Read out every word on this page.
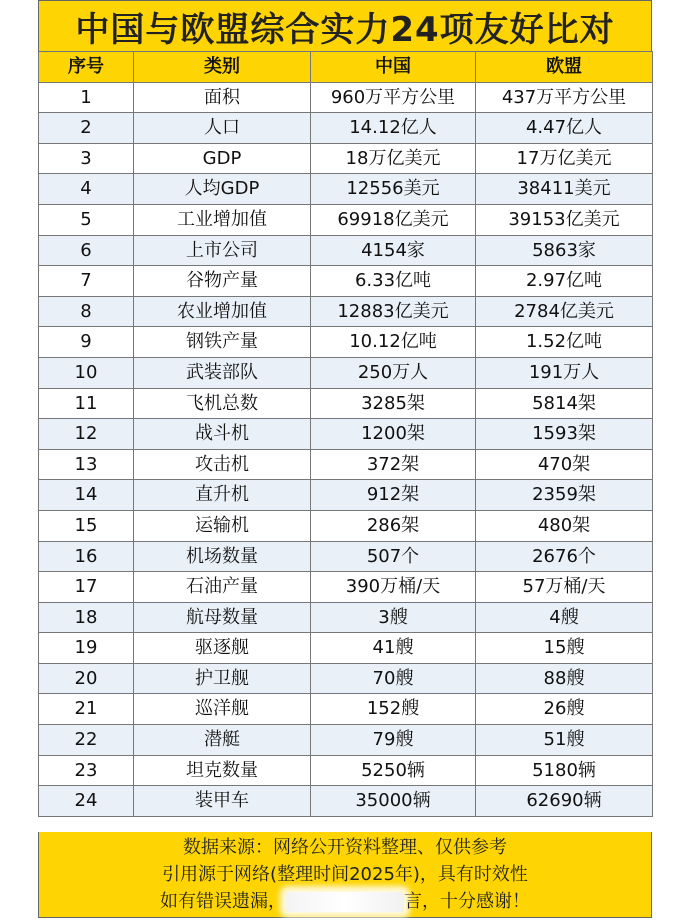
中国与欧盟综合实力24项友好比对
序号	类别	中国	欧盟
1	面积	960万平方公里	437万平方公里
2	人口	14.12亿人	4.47亿人
3	GDP	18万亿美元	17万亿美元
4	人均GDP	12556美元	38411美元
5	工业增加值	69918亿美元	39153亿美元
6	上市公司	4154家	5863家
7	谷物产量	6.33亿吨	2.97亿吨
8	农业增加值	12883亿美元	2784亿美元
9	钢铁产量	10.12亿吨	1.52亿吨
10	武装部队	250万人	191万人
11	飞机总数	3285架	5814架
12	战斗机	1200架	1593架
13	攻击机	372架	470架
14	直升机	912架	2359架
15	运输机	286架	480架
16	机场数量	507个	2676个
17	石油产量	390万桶/天	57万桶/天
18	航母数量	3艘	4艘
19	驱逐舰	41艘	15艘
20	护卫舰	70艘	88艘
21	巡洋舰	152艘	26艘
22	潜艇	79艘	51艘
23	坦克数量	5250辆	5180辆
24	装甲车	35000辆	62690辆
数据来源：网络公开资料整理、仅供参考
引用源于网络(整理时间2025年)，具有时效性
如有错误遗漏，	言，十分感谢！
